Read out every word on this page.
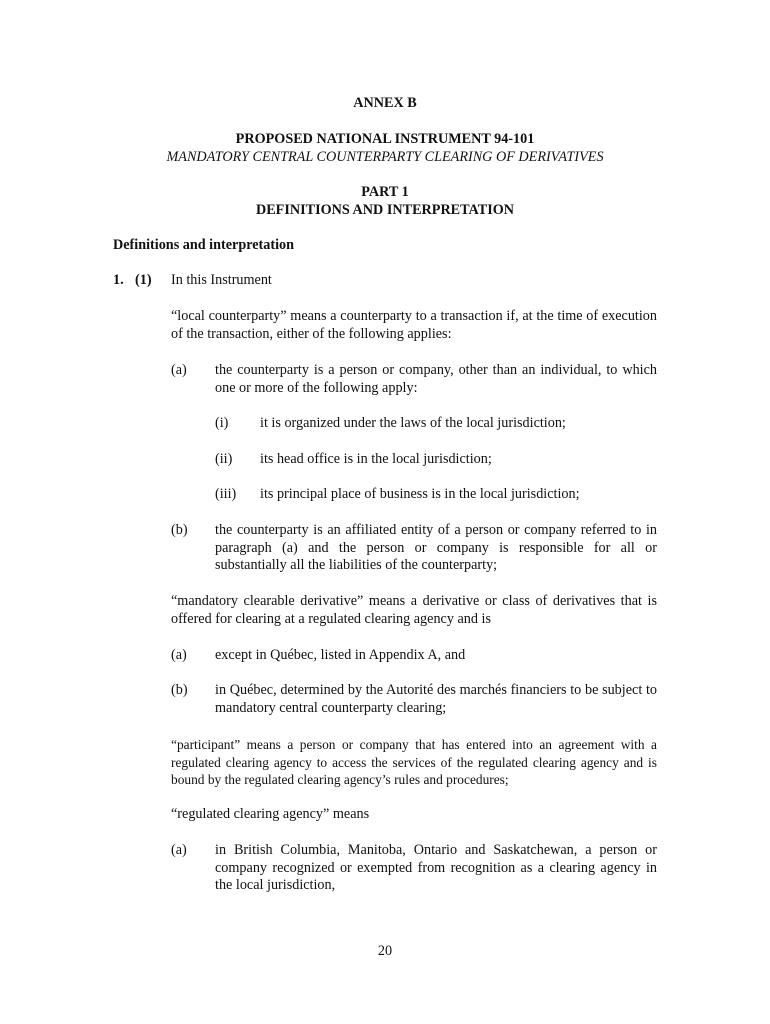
ANNEX B
PROPOSED NATIONAL INSTRUMENT 94-101
MANDATORY CENTRAL COUNTERPARTY CLEARING OF DERIVATIVES
PART 1
DEFINITIONS AND INTERPRETATION
Definitions and interpretation
1. (1) In this Instrument
“local counterparty” means a counterparty to a transaction if, at the time of execution of the transaction, either of the following applies:
(a) the counterparty is a person or company, other than an individual, to which one or more of the following apply:
(i) it is organized under the laws of the local jurisdiction;
(ii) its head office is in the local jurisdiction;
(iii) its principal place of business is in the local jurisdiction;
(b) the counterparty is an affiliated entity of a person or company referred to in paragraph (a) and the person or company is responsible for all or substantially all the liabilities of the counterparty;
“mandatory clearable derivative” means a derivative or class of derivatives that is offered for clearing at a regulated clearing agency and is
(a) except in Québec, listed in Appendix A, and
(b) in Québec, determined by the Autorité des marchés financiers to be subject to mandatory central counterparty clearing;
“participant” means a person or company that has entered into an agreement with a regulated clearing agency to access the services of the regulated clearing agency and is bound by the regulated clearing agency’s rules and procedures;
“regulated clearing agency” means
(a) in British Columbia, Manitoba, Ontario and Saskatchewan, a person or company recognized or exempted from recognition as a clearing agency in the local jurisdiction,
20
